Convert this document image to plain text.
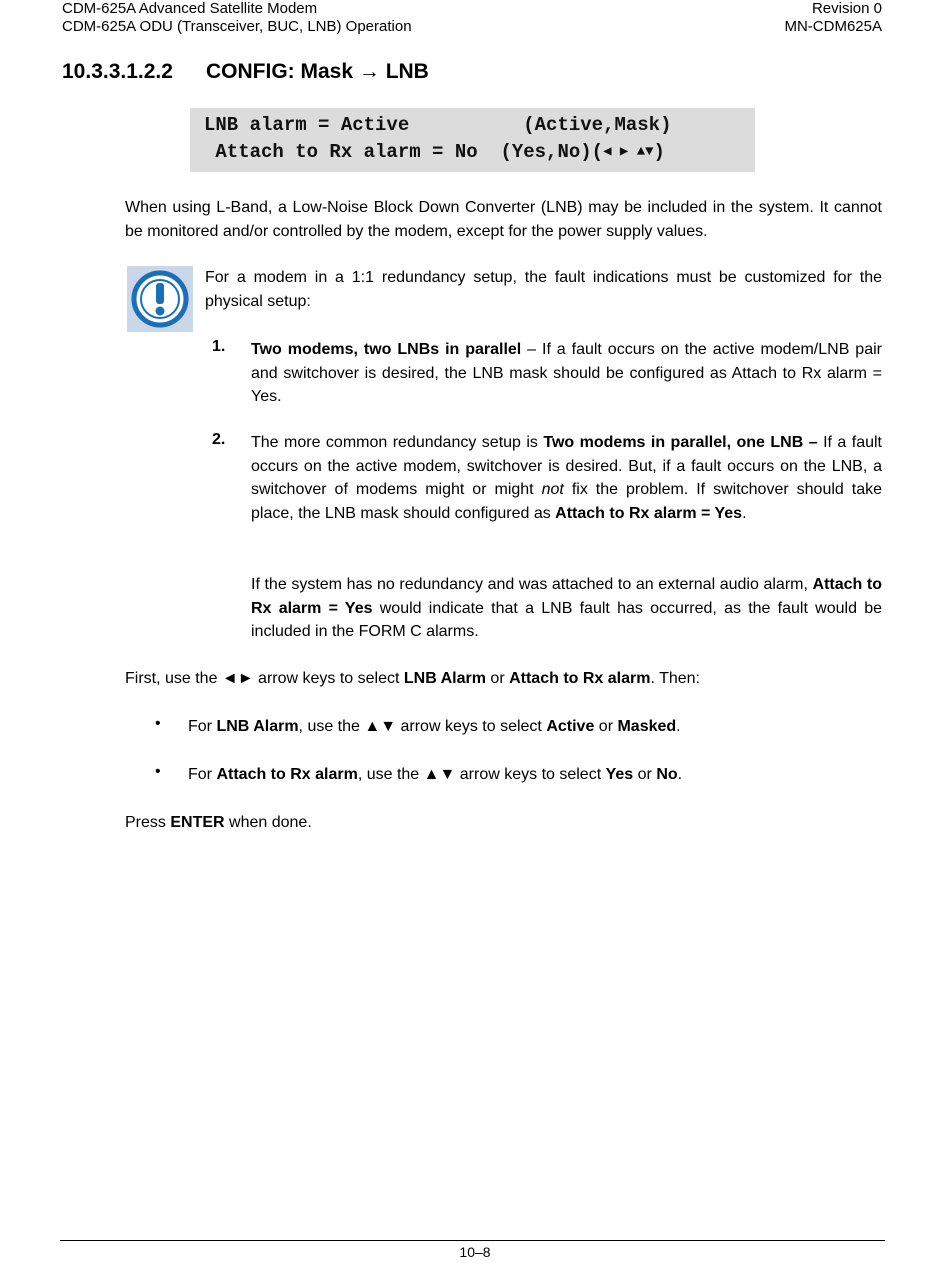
CDM-625A Advanced Satellite Modem
CDM-625A ODU (Transceiver, BUC, LNB) Operation
Revision 0
MN-CDM625A
10.3.3.1.2.2 CONFIG: Mask → LNB
LNB alarm = Active          (Active,Mask)
Attach to Rx alarm = No  (Yes,No)(◀ ▶ ▲▼)
When using L-Band, a Low-Noise Block Down Converter (LNB) may be included in the system. It cannot be monitored and/or controlled by the modem, except for the power supply values.
For a modem in a 1:1 redundancy setup, the fault indications must be customized for the physical setup:
1. Two modems, two LNBs in parallel – If a fault occurs on the active modem/LNB pair and switchover is desired, the LNB mask should be configured as Attach to Rx alarm = Yes.
2. The more common redundancy setup is Two modems in parallel, one LNB – If a fault occurs on the active modem, switchover is desired. But, if a fault occurs on the LNB, a switchover of modems might or might not fix the problem. If switchover should take place, the LNB mask should configured as Attach to Rx alarm = Yes.
If the system has no redundancy and was attached to an external audio alarm, Attach to Rx alarm = Yes would indicate that a LNB fault has occurred, as the fault would be included in the FORM C alarms.
First, use the ◄► arrow keys to select LNB Alarm or Attach to Rx alarm. Then:
• For LNB Alarm, use the ▲▼ arrow keys to select Active or Masked.
• For Attach to Rx alarm, use the ▲▼ arrow keys to select Yes or No.
Press ENTER when done.
10–8
